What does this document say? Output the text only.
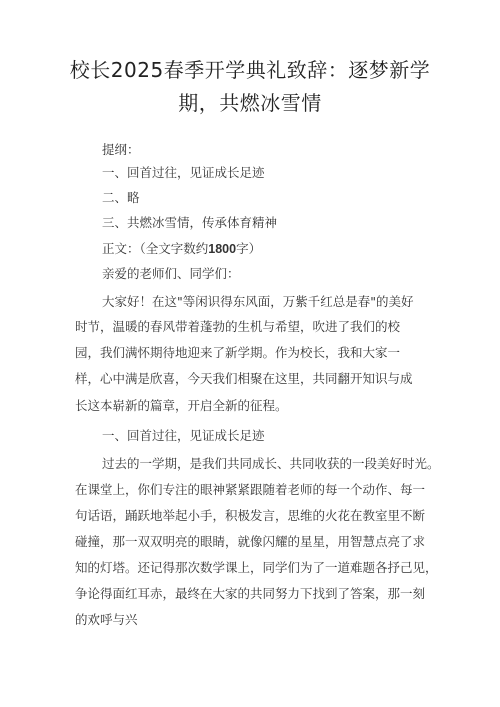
校长2025春季开学典礼致辞：逐梦新学
期，共燃冰雪情
提纲：
一、回首过往，见证成长足迹
二、略
三、共燃冰雪情，传承体育精神
正文：（全文字数约1800字）
亲爱的老师们、同学们：
大家好！在这"等闲识得东风面，万紫千红总是春"的美好
时节，温暖的春风带着蓬勃的生机与希望，吹进了我们的校
园，我们满怀期待地迎来了新学期。作为校长，我和大家一
样，心中满是欣喜，今天我们相聚在这里，共同翻开知识与成
长这本崭新的篇章，开启全新的征程。
一、回首过往，见证成长足迹
过去的一学期，是我们共同成长、共同收获的一段美好时光。
在课堂上，你们专注的眼神紧紧跟随着老师的每一个动作、每一
句话语，踊跃地举起小手，积极发言，思维的火花在教室里不断
碰撞，那一双双明亮的眼睛，就像闪耀的星星，用智慧点亮了求
知的灯塔。还记得那次数学课上，同学们为了一道难题各抒己见，
争论得面红耳赤，最终在大家的共同努力下找到了答案，那一刻
的欢呼与兴
